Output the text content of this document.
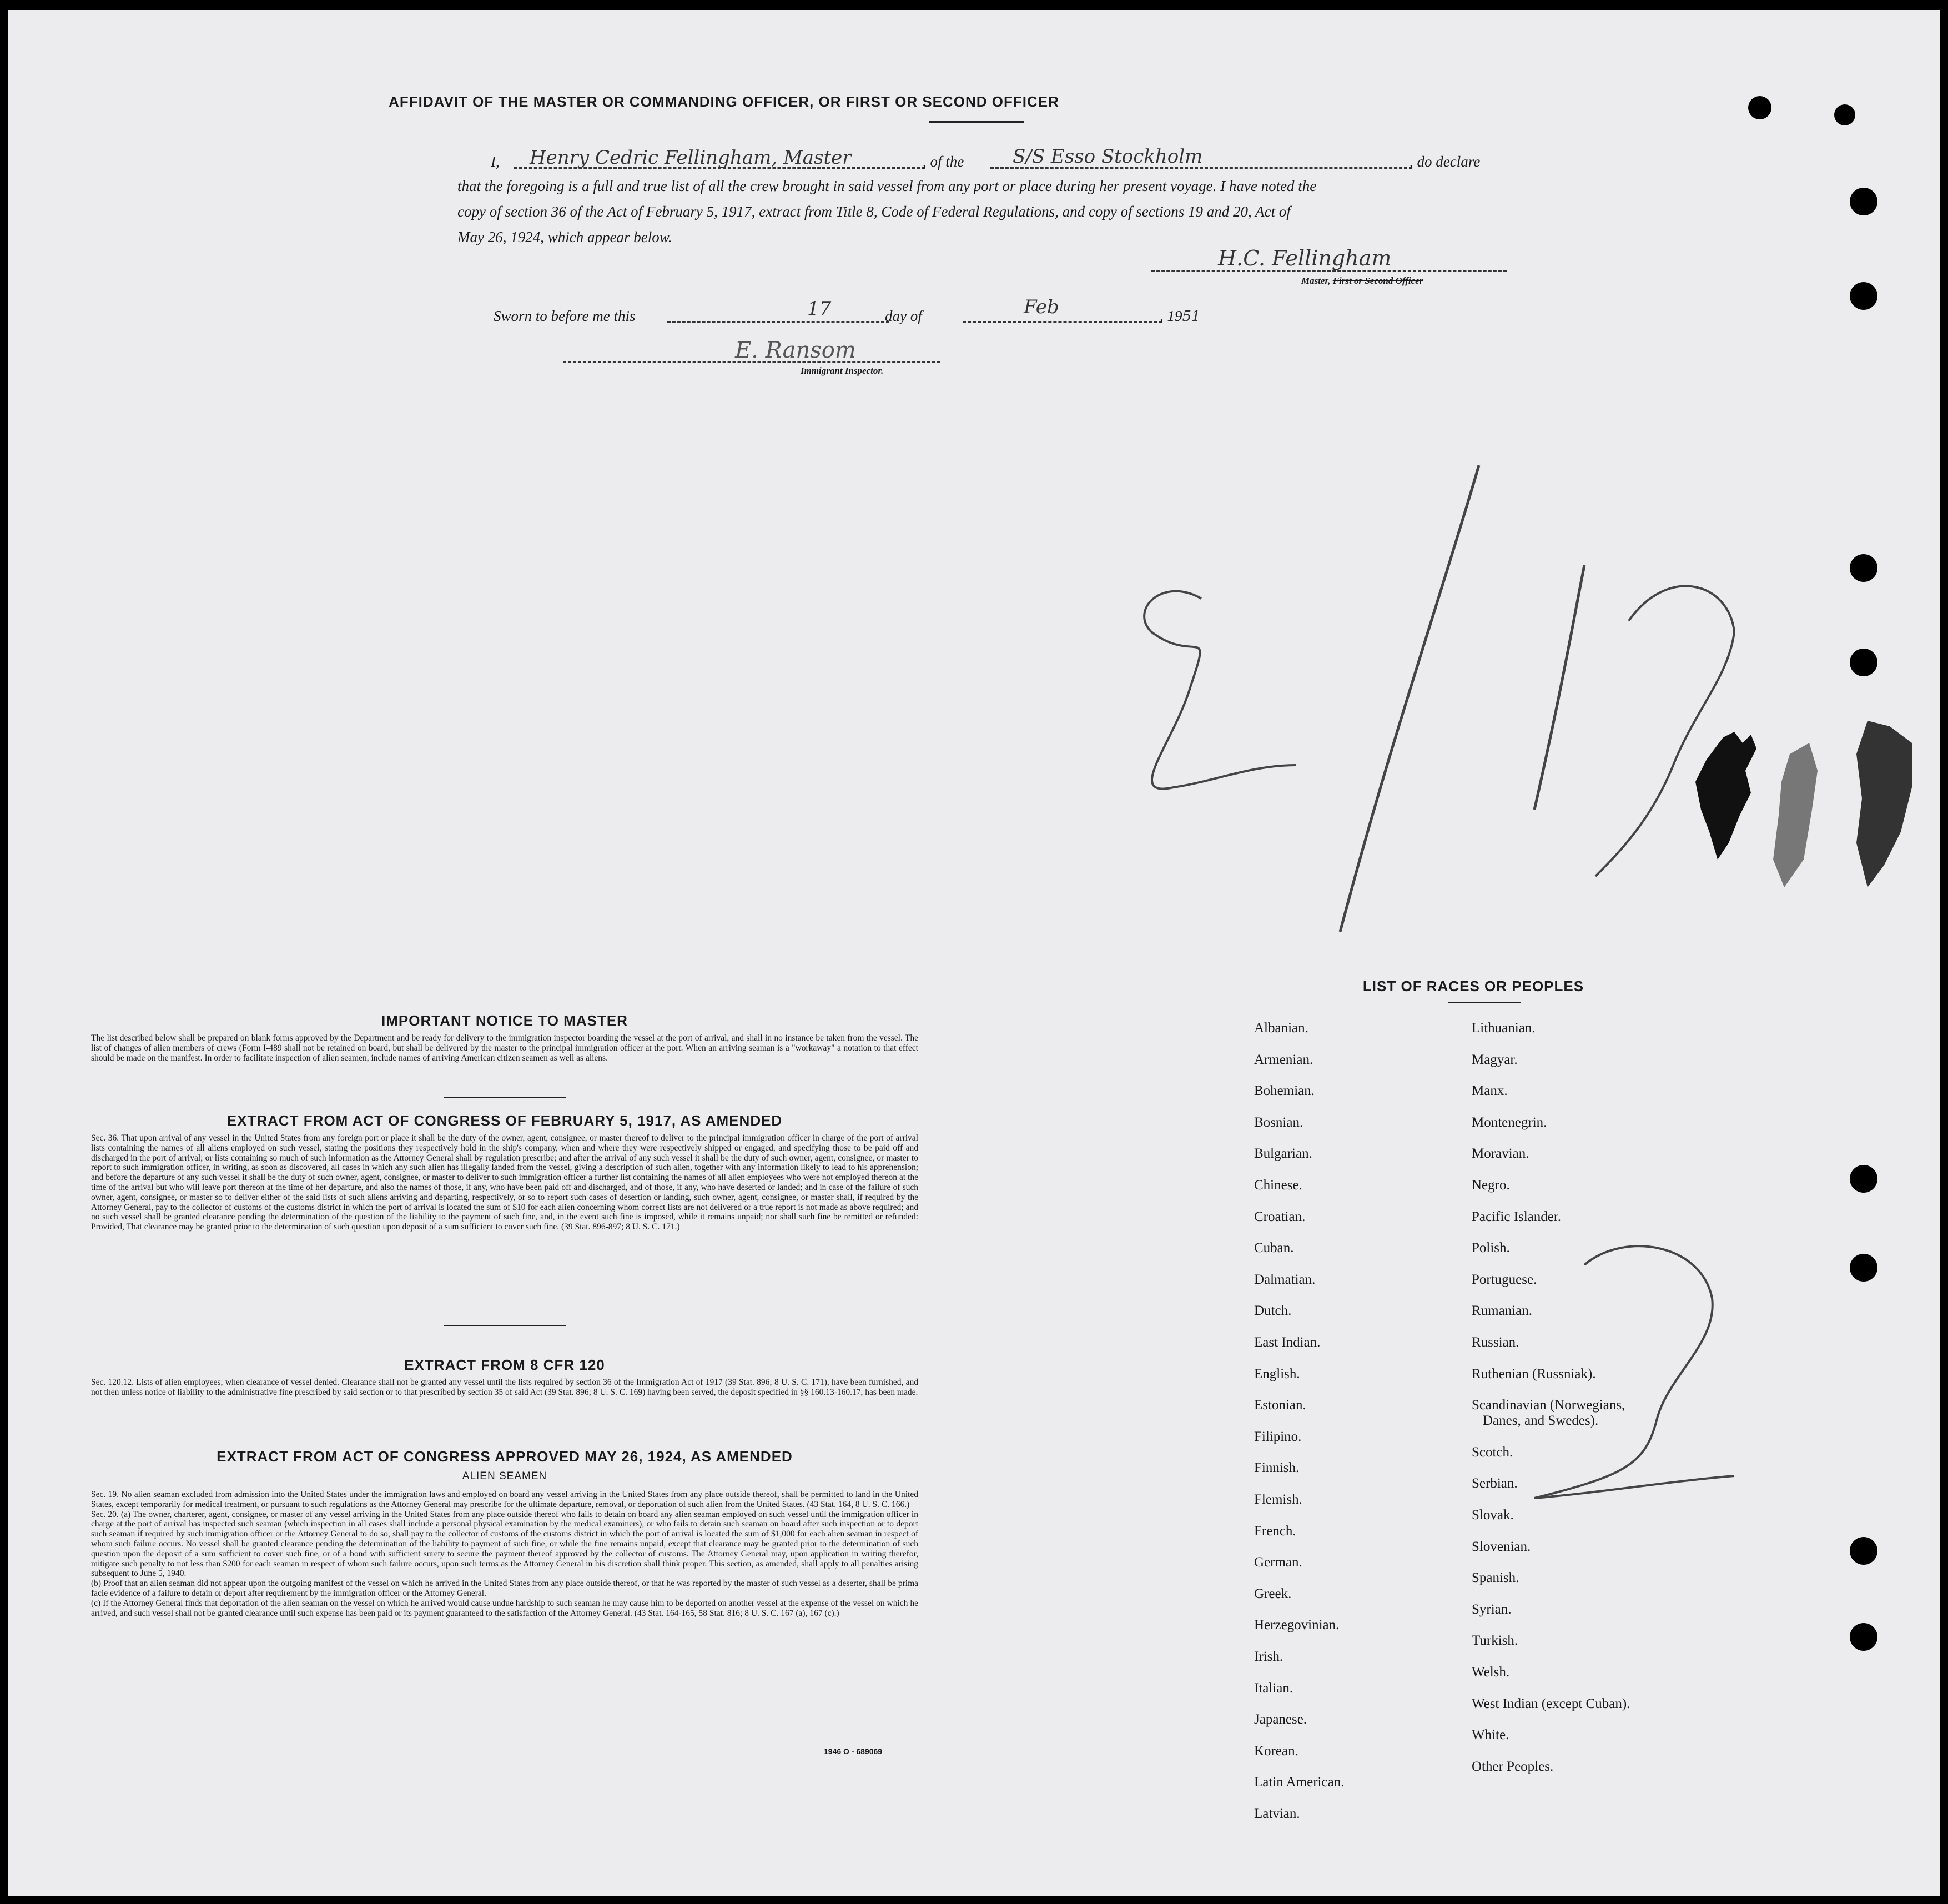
AFFIDAVIT OF THE MASTER OR COMMANDING OFFICER, OR FIRST OR SECOND OFFICER
I, Henry Cedric Fellingham, Master	, of the	S/S Esso Stockholm	, do declare
that the foregoing is a full and true list of all the crew brought in said vessel from any port or place during her present voyage. I have noted the
copy of section 36 of the Act of February 5, 1917, extract from Title 8, Code of Federal Regulations, and copy of sections 19 and 20, Act of
May 26, 1924, which appear below.
H.C. Fellingham
Master, First or Second Officer
Sworn to before me this	17	day of	Feb	, 1951
E. Ransom
Immigrant Inspector.
IMPORTANT NOTICE TO MASTER
The list described below shall be prepared on blank forms approved by the Department and be ready for delivery to the immigration inspector boarding the vessel at the port of arrival, and shall in no instance be taken from the vessel. The list of changes of alien members of crews (Form I-489 shall not be retained on board, but shall be delivered by the master to the principal immigration officer at the port. When an arriving seaman is a "workaway" a notation to that effect should be made on the manifest. In order to facilitate inspection of alien seamen, include names of arriving American citizen seamen as well as aliens.
EXTRACT FROM ACT OF CONGRESS OF FEBRUARY 5, 1917, AS AMENDED
Sec. 36. That upon arrival of any vessel in the United States from any foreign port or place it shall be the duty of the owner, agent, consignee, or master thereof to deliver to the principal immigration officer in charge of the port of arrival lists containing the names of all aliens employed on such vessel, stating the positions they respectively hold in the ship's company, when and where they were respectively shipped or engaged, and specifying those to be paid off and discharged in the port of arrival; or lists containing so much of such information as the Attorney General shall by regulation prescribe; and after the arrival of any such vessel it shall be the duty of such owner, agent, consignee, or master to report to such immigration officer, in writing, as soon as discovered, all cases in which any such alien has illegally landed from the vessel, giving a description of such alien, together with any information likely to lead to his apprehension; and before the departure of any such vessel it shall be the duty of such owner, agent, consignee, or master to deliver to such immigration officer a further list containing the names of all alien employees who were not employed thereon at the time of the arrival but who will leave port thereon at the time of her departure, and also the names of those, if any, who have been paid off and discharged, and of those, if any, who have deserted or landed; and in case of the failure of such owner, agent, consignee, or master so to deliver either of the said lists of such aliens arriving and departing, respectively, or so to report such cases of desertion or landing, such owner, agent, consignee, or master shall, if required by the Attorney General, pay to the collector of customs of the customs district in which the port of arrival is located the sum of $10 for each alien concerning whom correct lists are not delivered or a true report is not made as above required; and no such vessel shall be granted clearance pending the determination of the question of the liability to the payment of such fine, and, in the event such fine is imposed, while it remains unpaid; nor shall such fine be remitted or refunded: Provided, That clearance may be granted prior to the determination of such question upon deposit of a sum sufficient to cover such fine. (39 Stat. 896-897; 8 U. S. C. 171.)
EXTRACT FROM 8 CFR 120
Sec. 120.12. Lists of alien employees; when clearance of vessel denied. Clearance shall not be granted any vessel until the lists required by section 36 of the Immigration Act of 1917 (39 Stat. 896; 8 U. S. C. 171), have been furnished, and not then unless notice of liability to the administrative fine prescribed by said section or to that prescribed by section 35 of said Act (39 Stat. 896; 8 U. S. C. 169) having been served, the deposit specified in §§ 160.13-160.17, has been made.
EXTRACT FROM ACT OF CONGRESS APPROVED MAY 26, 1924, AS AMENDED
ALIEN SEAMEN
Sec. 19. No alien seaman excluded from admission into the United States under the immigration laws and employed on board any vessel arriving in the United States from any place outside thereof, shall be permitted to land in the United States, except temporarily for medical treatment, or pursuant to such regulations as the Attorney General may prescribe for the ultimate departure, removal, or deportation of such alien from the United States. (43 Stat. 164, 8 U. S. C. 166.)
Sec. 20. (a) The owner, charterer, agent, consignee, or master of any vessel arriving in the United States from any place outside thereof who fails to detain on board any alien seaman employed on such vessel until the immigration officer in charge at the port of arrival has inspected such seaman (which inspection in all cases shall include a personal physical examination by the medical examiners), or who fails to detain such seaman on board after such inspection or to deport such seaman if required by such immigration officer or the Attorney General to do so, shall pay to the collector of customs of the customs district in which the port of arrival is located the sum of $1,000 for each alien seaman in respect of whom such failure occurs. No vessel shall be granted clearance pending the determination of the liability to payment of such fine, or while the fine remains unpaid, except that clearance may be granted prior to the determination of such question upon the deposit of a sum sufficient to cover such fine, or of a bond with sufficient surety to secure the payment thereof approved by the collector of customs. The Attorney General may, upon application in writing therefor, mitigate such penalty to not less than $200 for each seaman in respect of whom such failure occurs, upon such terms as the Attorney General in his discretion shall think proper. This section, as amended, shall apply to all penalties arising subsequent to June 5, 1940.
(b) Proof that an alien seaman did not appear upon the outgoing manifest of the vessel on which he arrived in the United States from any place outside thereof, or that he was reported by the master of such vessel as a deserter, shall be prima facie evidence of a failure to detain or deport after requirement by the immigration officer or the Attorney General.
(c) If the Attorney General finds that deportation of the alien seaman on the vessel on which he arrived would cause undue hardship to such seaman he may cause him to be deported on another vessel at the expense of the vessel on which he arrived, and such vessel shall not be granted clearance until such expense has been paid or its payment guaranteed to the satisfaction of the Attorney General. (43 Stat. 164-165, 58 Stat. 816; 8 U. S. C. 167 (a), 167 (c).)
1946 O - 689069
LIST OF RACES OR PEOPLES
Albanian.
Armenian.
Bohemian.
Bosnian.
Bulgarian.
Chinese.
Croatian.
Cuban.
Dalmatian.
Dutch.
East Indian.
English.
Estonian.
Filipino.
Finnish.
Flemish.
French.
German.
Greek.
Herzegovinian.
Irish.
Italian.
Japanese.
Korean.
Latin American.
Latvian.
Lithuanian.
Magyar.
Manx.
Montenegrin.
Moravian.
Negro.
Pacific Islander.
Polish.
Portuguese.
Rumanian.
Russian.
Ruthenian (Russniak).
Scandinavian (Norwegians,
Danes, and Swedes).
Scotch.
Serbian.
Slovak.
Slovenian.
Spanish.
Syrian.
Turkish.
Welsh.
West Indian (except Cuban).
White.
Other Peoples.
